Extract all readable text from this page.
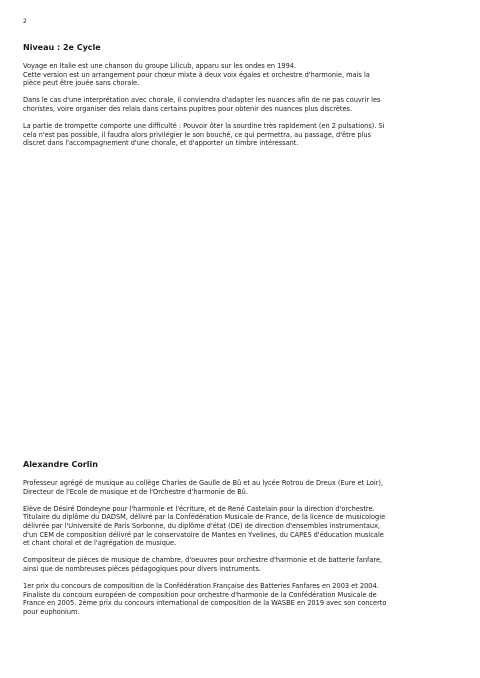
2
Niveau : 2e Cycle

Voyage en Italie est une chanson du groupe Lilicub, apparu sur les ondes en 1994.
Cette version est un arrangement pour chœur mixte à deux voix égales et orchestre d'harmonie, mais la
pièce peut être jouée sans chorale.

Dans le cas d'une interprétation avec chorale, il conviendra d'adapter les nuances afin de ne pas couvrir les
choristes, voire organiser des relais dans certains pupitres pour obtenir des nuances plus discrètes.

La partie de trompette comporte une difficulté : Pouvoir ôter la sourdine très rapidement (en 2 pulsations). Si
cela n'est pas possible, il faudra alors privilégier le son bouché, ce qui permettra, au passage, d'être plus
discret dans l'accompagnement d'une chorale, et d'apporter un timbre intéressant.

Alexandre Corlin

Professeur agrégé de musique au collège Charles de Gaulle de Bû et au lycée Rotrou de Dreux (Eure et Loir),
Directeur de l'Ecole de musique et de l'Orchestre d'harmonie de Bû.

Elève de Désiré Dondeyne pour l'harmonie et l'écriture, et de René Castelain pour la direction d'orchestre.
Titulaire du diplôme du DADSM, délivré par la Confédération Musicale de France, de la licence de musicologie
délivrée par l'Université de Paris Sorbonne, du diplôme d'état (DE) de direction d'ensembles instrumentaux,
d'un CEM de composition délivré par le conservatoire de Mantes en Yvelines, du CAPES d'éducation musicale
et chant choral et de l'agrégation de musique.

Compositeur de pièces de musique de chambre, d'oeuvres pour orchestre d'harmonie et de batterie fanfare,
ainsi que de nombreuses pièces pédagogiques pour divers instruments.

1er prix du concours de composition de la Confédération Française des Batteries Fanfares en 2003 et 2004.
Finaliste du concours européen de composition pour orchestre d'harmonie de la Confédération Musicale de
France en 2005. 2ème prix du concours international de composition de la WASBE en 2019 avec son concerto
pour euphonium.
